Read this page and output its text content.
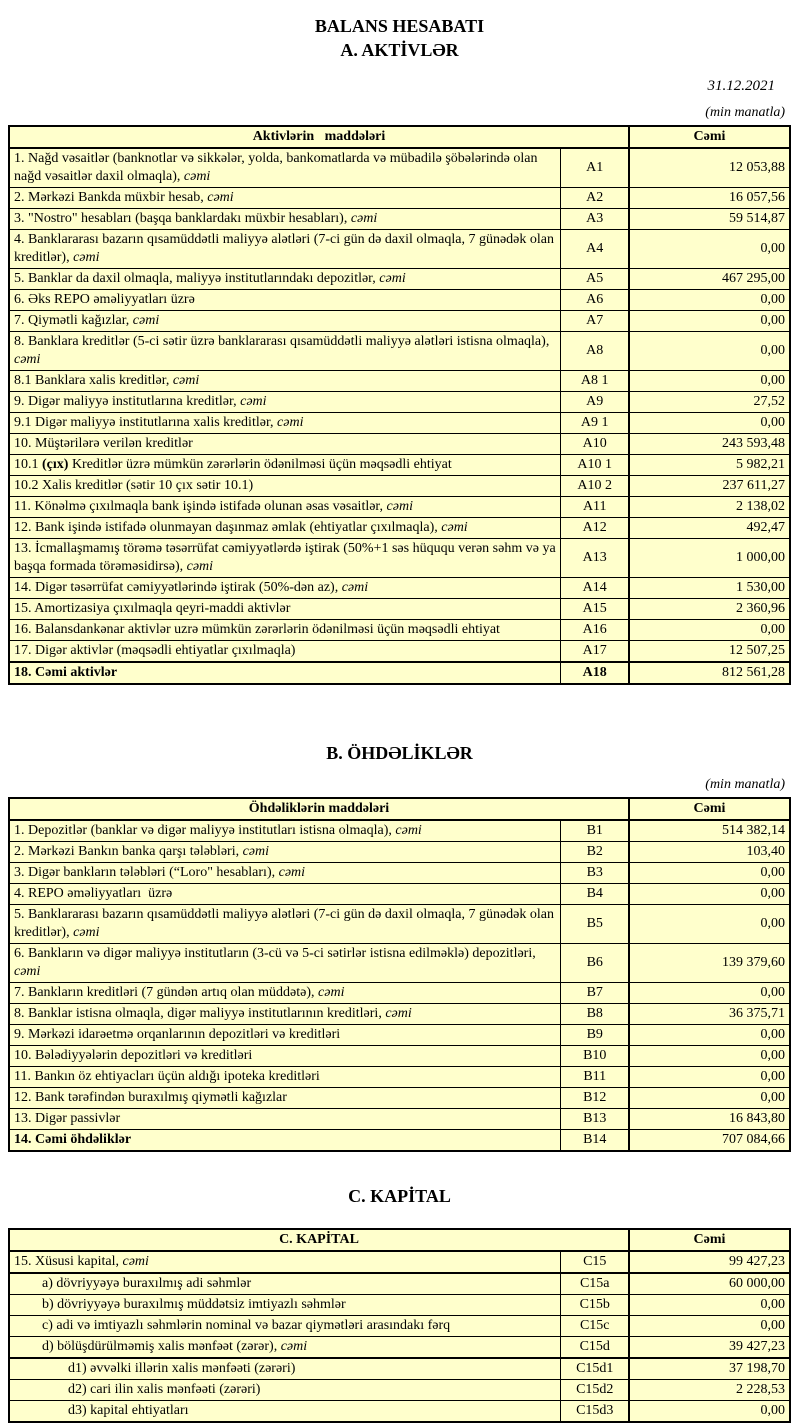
BALANS HESABATI
A. AKTİVLƏR
31.12.2021
(min manatla)
Aktivlərin   maddələri		Cəmi
1. Nağd vəsaitlər (banknotlar və sikkələr, yolda, bankomatlarda və mübadilə şöbələrində olan nağd vəsaitlər daxil olmaqla), cəmi	A1	12 053,88
2. Mərkəzi Bankda müxbir hesab, cəmi	A2	16 057,56
3. "Nostro" hesabları (başqa banklardakı müxbir hesabları), cəmi	A3	59 514,87
4. Banklararası bazarın qısamüddətli maliyyə alətləri (7-ci gün də daxil olmaqla, 7 günədək olan kreditlər), cəmi	A4	0,00
5. Banklar da daxil olmaqla, maliyyə institutlarındakı depozitlər, cəmi	A5	467 295,00
6. Əks REPO əməliyyatları üzrə	A6	0,00
7. Qiymətli kağızlar, cəmi	A7	0,00
8. Banklara kreditlər (5-ci sətir üzrə banklararası qısamüddətli maliyyə alətləri istisna olmaqla), cəmi	A8	0,00
8.1 Banklara xalis kreditlər, cəmi	A8 1	0,00
9. Digər maliyyə institutlarına kreditlər, cəmi	A9	27,52
9.1 Digər maliyyə institutlarına xalis kreditlər, cəmi	A9 1	0,00
10. Müştərilərə verilən kreditlər	A10	243 593,48
10.1 (çıx) Kreditlər üzrə mümkün zərərlərin ödənilməsi üçün məqsədli ehtiyat	A10 1	5 982,21
10.2 Xalis kreditlər (sətir 10 çıx sətir 10.1)	A10 2	237 611,27
11. Könəlmə çıxılmaqla bank işində istifadə olunan əsas vəsaitlər, cəmi	A11	2 138,02
12. Bank işində istifadə olunmayan daşınmaz əmlak (ehtiyatlar çıxılmaqla), cəmi	A12	492,47
13. İcmallaşmamış törəmə təsərrüfat cəmiyyətlərdə iştirak (50%+1 səs hüququ verən səhm və ya başqa formada törəməsidirsə), cəmi	A13	1 000,00
14. Digər təsərrüfat cəmiyyətlərində iştirak (50%-dən az), cəmi	A14	1 530,00
15. Amortizasiya çıxılmaqla qeyri-maddi aktivlər	A15	2 360,96
16. Balansdankənar aktivlər uzrə mümkün zərərlərin ödənilməsi üçün məqsədli ehtiyat	A16	0,00
17. Digər aktivlər (məqsədli ehtiyatlar çıxılmaqla)	A17	12 507,25
18. Cəmi aktivlər	A18	812 561,28
B. ÖHDƏLİKLƏR
(min manatla)
Öhdəliklərin maddələri		Cəmi
1. Depozitlər (banklar və digər maliyyə institutları istisna olmaqla), cəmi	B1	514 382,14
2. Mərkəzi Bankın banka qarşı tələbləri, cəmi	B2	103,40
3. Digər bankların tələbləri (“Loro" hesabları), cəmi	B3	0,00
4. REPO əməliyyatları  üzrə	B4	0,00
5. Banklararası bazarın qısamüddətli maliyyə alətləri (7-ci gün də daxil olmaqla, 7 günədək olan kreditlər), cəmi	B5	0,00
6. Bankların və digər maliyyə institutların (3-cü və 5-ci sətirlər istisna edilməklə) depozitləri, cəmi	B6	139 379,60
7. Bankların kreditləri (7 gündən artıq olan müddətə), cəmi	B7	0,00
8. Banklar istisna olmaqla, digər maliyyə institutlarının kreditləri, cəmi	B8	36 375,71
9. Mərkəzi idarəetmə orqanlarının depozitləri və kreditləri	B9	0,00
10. Bələdiyyələrin depozitləri və kreditləri	B10	0,00
11. Bankın öz ehtiyacları üçün aldığı ipoteka kreditləri	B11	0,00
12. Bank tərəfindən buraxılmış qiymətli kağızlar	B12	0,00
13. Digər passivlər	B13	16 843,80
14. Cəmi öhdəliklər	B14	707 084,66
C. KAPİTAL
C. KAPİTAL		Cəmi
15. Xüsusi kapital, cəmi	C15	99 427,23
a) dövriyyəyə buraxılmış adi səhmlər	C15a	60 000,00
b) dövriyyəyə buraxılmış müddətsiz imtiyazlı səhmlər	C15b	0,00
c) adi və imtiyazlı səhmlərin nominal və bazar qiymətləri arasındakı fərq	C15c	0,00
d) bölüşdürülməmiş xalis mənfəət (zərər), cəmi	C15d	39 427,23
d1) əvvəlki illərin xalis mənfəəti (zərəri)	C15d1	37 198,70
d2) cari ilin xalis mənfəəti (zərəri)	C15d2	2 228,53
d3) kapital ehtiyatları	C15d3	0,00
